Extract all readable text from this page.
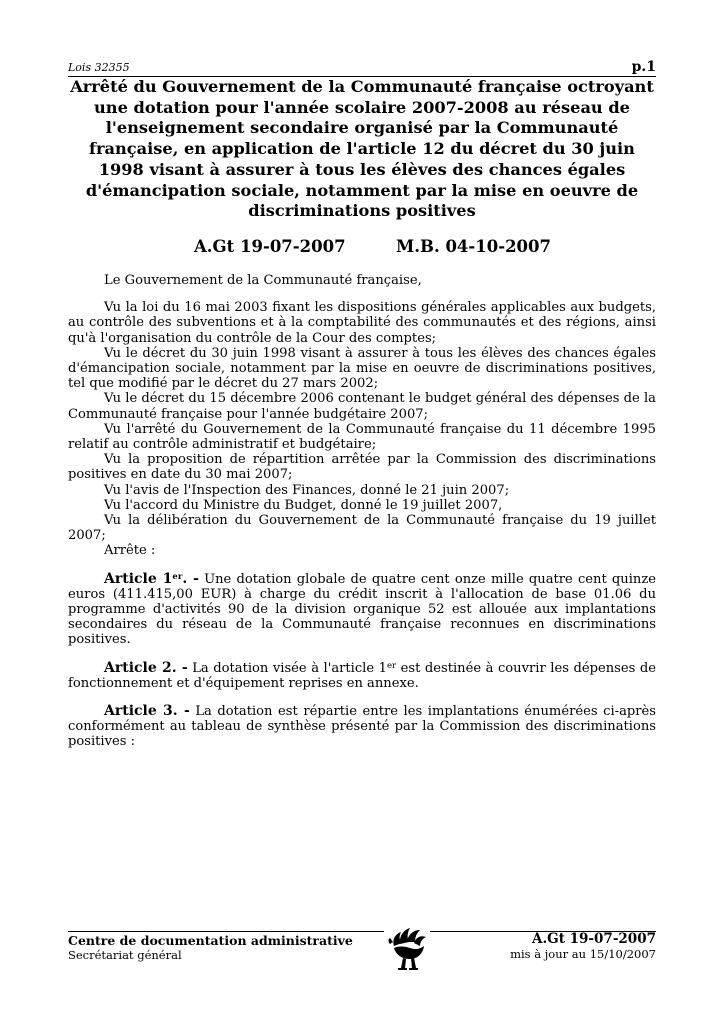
Lois 32355	p.1
Arrêté du Gouvernement de la Communauté française octroyant une dotation pour l'année scolaire 2007-2008 au réseau de l'enseignement secondaire organisé par la Communauté française, en application de l'article 12 du décret du 30 juin 1998 visant à assurer à tous les élèves des chances égales d'émancipation sociale, notamment par la mise en oeuvre de discriminations positives
A.Gt 19-07-2007	M.B. 04-10-2007

Le Gouvernement de la Communauté française,

Vu la loi du 16 mai 2003 fixant les dispositions générales applicables aux budgets, au contrôle des subventions et à la comptabilité des communautés et des régions, ainsi qu'à l'organisation du contrôle de la Cour des comptes;

Vu le décret du 30 juin 1998 visant à assurer à tous les élèves des chances égales d'émancipation sociale, notamment par la mise en oeuvre de discriminations positives, tel que modifié par le décret du 27 mars 2002;

Vu le décret du 15 décembre 2006 contenant le budget général des dépenses de la Communauté française pour l'année budgétaire 2007;

Vu l'arrêté du Gouvernement de la Communauté française du 11 décembre 1995 relatif au contrôle administratif et budgétaire;

Vu la proposition de répartition arrêtée par la Commission des discriminations positives en date du 30 mai 2007;

Vu l'avis de l'Inspection des Finances, donné le 21 juin 2007;

Vu l'accord du Ministre du Budget, donné le 19 juillet 2007,

Vu la délibération du Gouvernement de la Communauté française du 19 juillet 2007;

Arrête :

Article 1er. - Une dotation globale de quatre cent onze mille quatre cent quinze euros (411.415,00 EUR) à charge du crédit inscrit à l'allocation de base 01.06 du programme d'activités 90 de la division organique 52 est allouée aux implantations secondaires du réseau de la Communauté française reconnues en discriminations positives.

Article 2. - La dotation visée à l'article 1er est destinée à couvrir les dépenses de fonctionnement et d'équipement reprises en annexe.

Article 3. - La dotation est répartie entre les implantations énumérées ci-après conformément au tableau de synthèse présenté par la Commission des discriminations positives :

Centre de documentation administrative
Secrétariat général
A.Gt 19-07-2007
mis à jour au 15/10/2007
